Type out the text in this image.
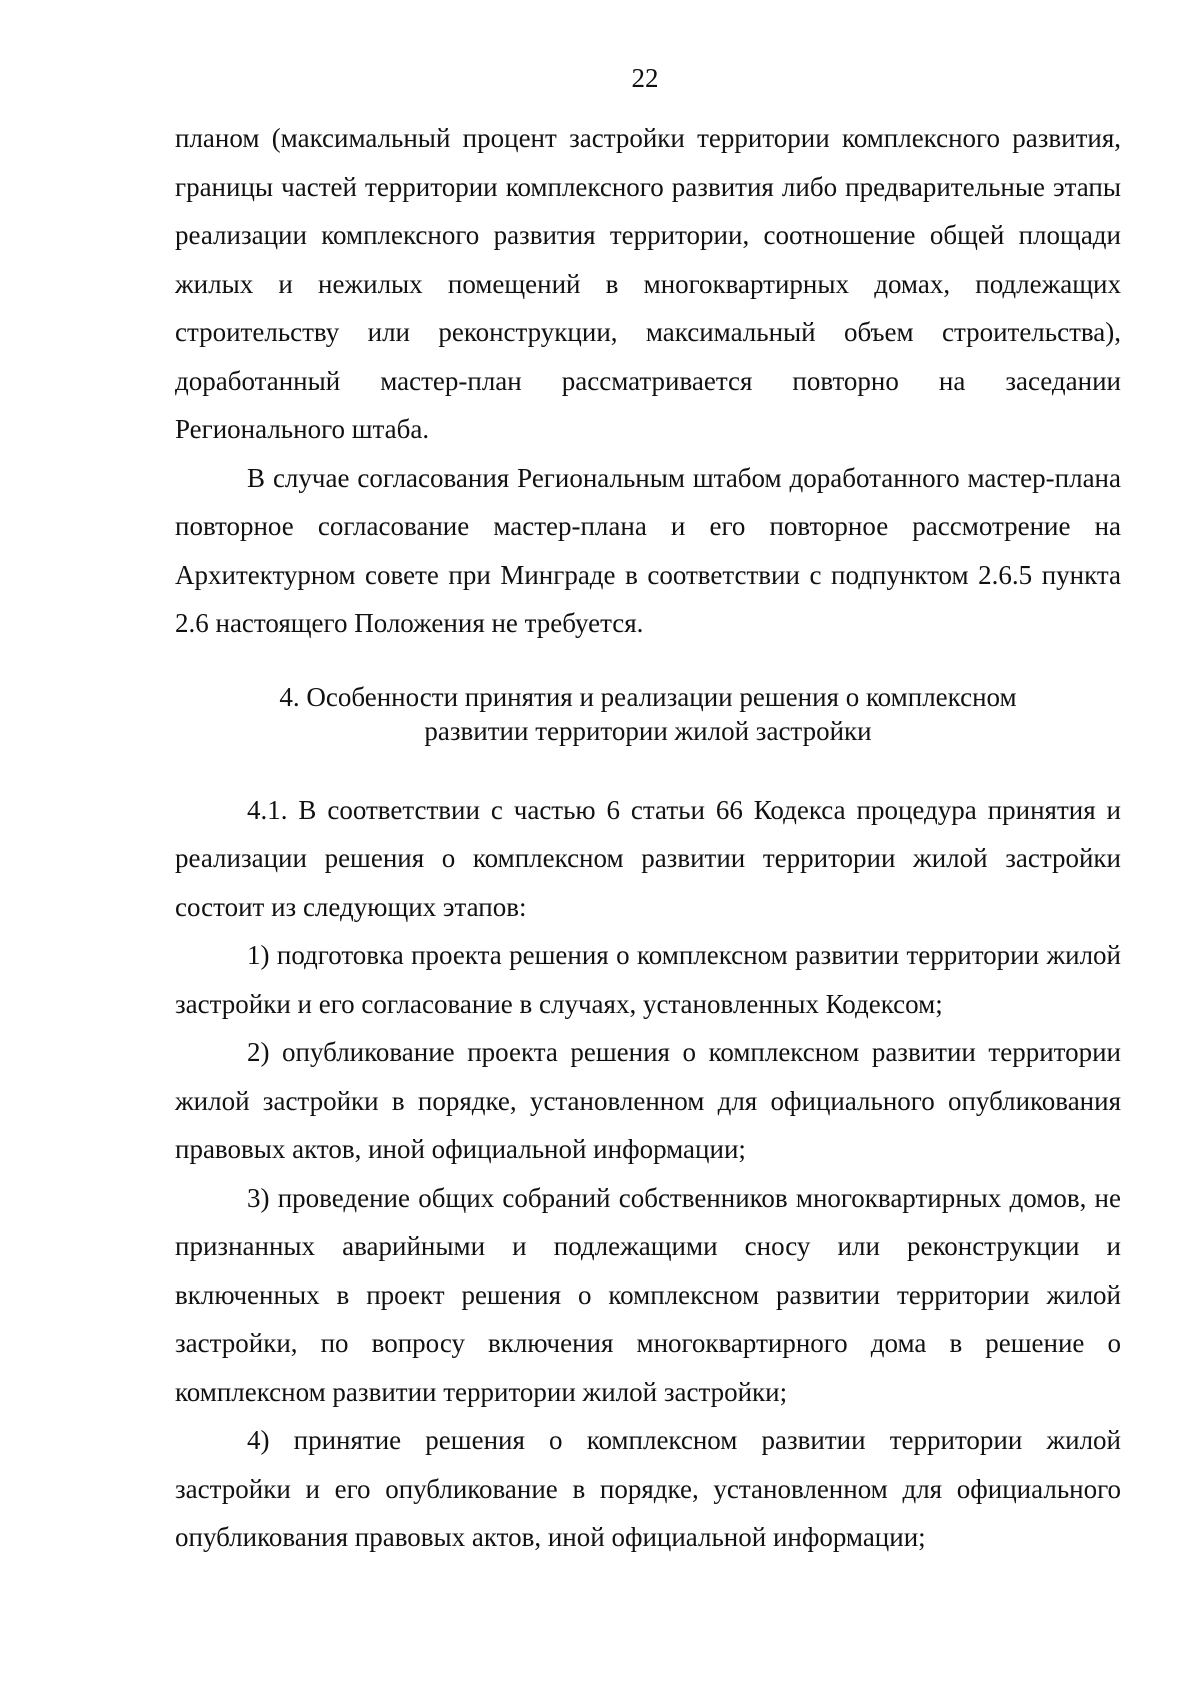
22

планом (максимальный процент застройки территории комплексного развития, границы частей территории комплексного развития либо предварительные этапы реализации комплексного развития территории, соотношение общей площади жилых и нежилых помещений в многоквартирных домах, подлежащих строительству или реконструкции, максимальный объем строительства), доработанный мастер-план рассматривается повторно на заседании Регионального штаба.

В случае согласования Региональным штабом доработанного мастер-плана повторное согласование мастер-плана и его повторное рассмотрение на Архитектурном совете при Минграде в соответствии с подпунктом 2.6.5 пункта 2.6 настоящего Положения не требуется.

4. Особенности принятия и реализации решения о комплексном
развитии территории жилой застройки

4.1. В соответствии с частью 6 статьи 66 Кодекса процедура принятия и реализации решения о комплексном развитии территории жилой застройки состоит из следующих этапов:

1) подготовка проекта решения о комплексном развитии территории жилой застройки и его согласование в случаях, установленных Кодексом;

2) опубликование проекта решения о комплексном развитии территории жилой застройки в порядке, установленном для официального опубликования правовых актов, иной официальной информации;

3) проведение общих собраний собственников многоквартирных домов, не признанных аварийными и подлежащими сносу или реконструкции и включенных в проект решения о комплексном развитии территории жилой застройки, по вопросу включения многоквартирного дома в решение о комплексном развитии территории жилой застройки;

4) принятие решения о комплексном развитии территории жилой застройки и его опубликование в порядке, установленном для официального опубликования правовых актов, иной официальной информации;
